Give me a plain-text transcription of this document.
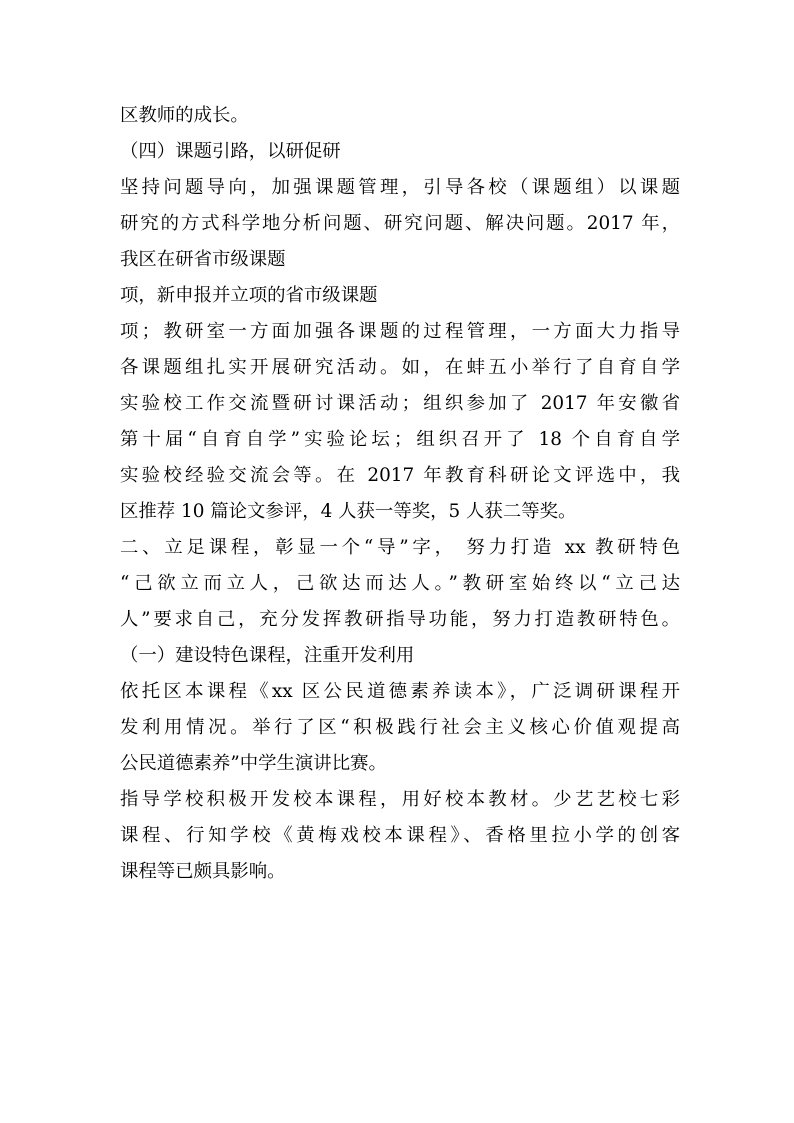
区教师的成长。
（四）课题引路，以研促研
坚持问题导向，加强课题管理，引导各校（课题组）以课题
研究的方式科学地分析问题、研究问题、解决问题。2017 年，
我区在研省市级课题
项，新申报并立项的省市级课题
项；教研室一方面加强各课题的过程管理，一方面大力指导
各课题组扎实开展研究活动。如，在蚌五小举行了自育自学
实验校工作交流暨研讨课活动；组织参加了 2017 年安徽省
第十届“自育自学”实验论坛；组织召开了 18 个自育自学
实验校经验交流会等。在 2017 年教育科研论文评选中，我
区推荐 10 篇论文参评，4 人获一等奖，5 人获二等奖。
二、立足课程，彰显一个“导”字， 努力打造 xx 教研特色
“己欲立而立人，己欲达而达人。”教研室始终以“立己达
人”要求自己，充分发挥教研指导功能，努力打造教研特色。
（一）建设特色课程，注重开发利用
依托区本课程《xx 区公民道德素养读本》，广泛调研课程开
发利用情况。举行了区“积极践行社会主义核心价值观提高
公民道德素养”中学生演讲比赛。
指导学校积极开发校本课程，用好校本教材。少艺艺校七彩
课程、行知学校《黄梅戏校本课程》、香格里拉小学的创客
课程等已颇具影响。
